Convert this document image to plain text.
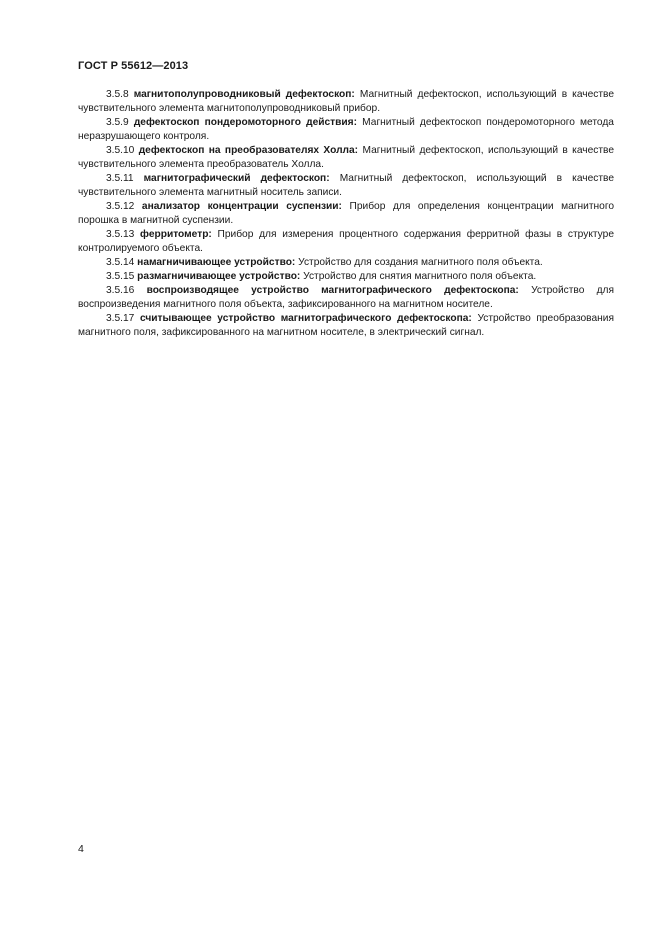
ГОСТ Р 55612—2013

3.5.8 магнитополупроводниковый дефектоскоп: Магнитный дефектоскоп, использующий в качестве чувствительного элемента магнитополупроводниковый прибор.

3.5.9 дефектоскоп пондеромоторного действия: Магнитный дефектоскоп пондеромоторного метода неразрушающего контроля.

3.5.10 дефектоскоп на преобразователях Холла: Магнитный дефектоскоп, использующий в качестве чувствительного элемента преобразователь Холла.

3.5.11 магнитографический дефектоскоп: Магнитный дефектоскоп, использующий в качестве чувствительного элемента магнитный носитель записи.

3.5.12 анализатор концентрации суспензии: Прибор для определения концентрации магнитного порошка в магнитной суспензии.

3.5.13 ферритометр: Прибор для измерения процентного содержания ферритной фазы в структуре контролируемого объекта.

3.5.14 намагничивающее устройство: Устройство для создания магнитного поля объекта.

3.5.15 размагничивающее устройство: Устройство для снятия магнитного поля объекта.

3.5.16 воспроизводящее устройство магнитографического дефектоскопа: Устройство для воспроизведения магнитного поля объекта, зафиксированного на магнитном носителе.

3.5.17 считывающее устройство магнитографического дефектоскопа: Устройство преобразования магнитного поля, зафиксированного на магнитном носителе, в электрический сигнал.

4
